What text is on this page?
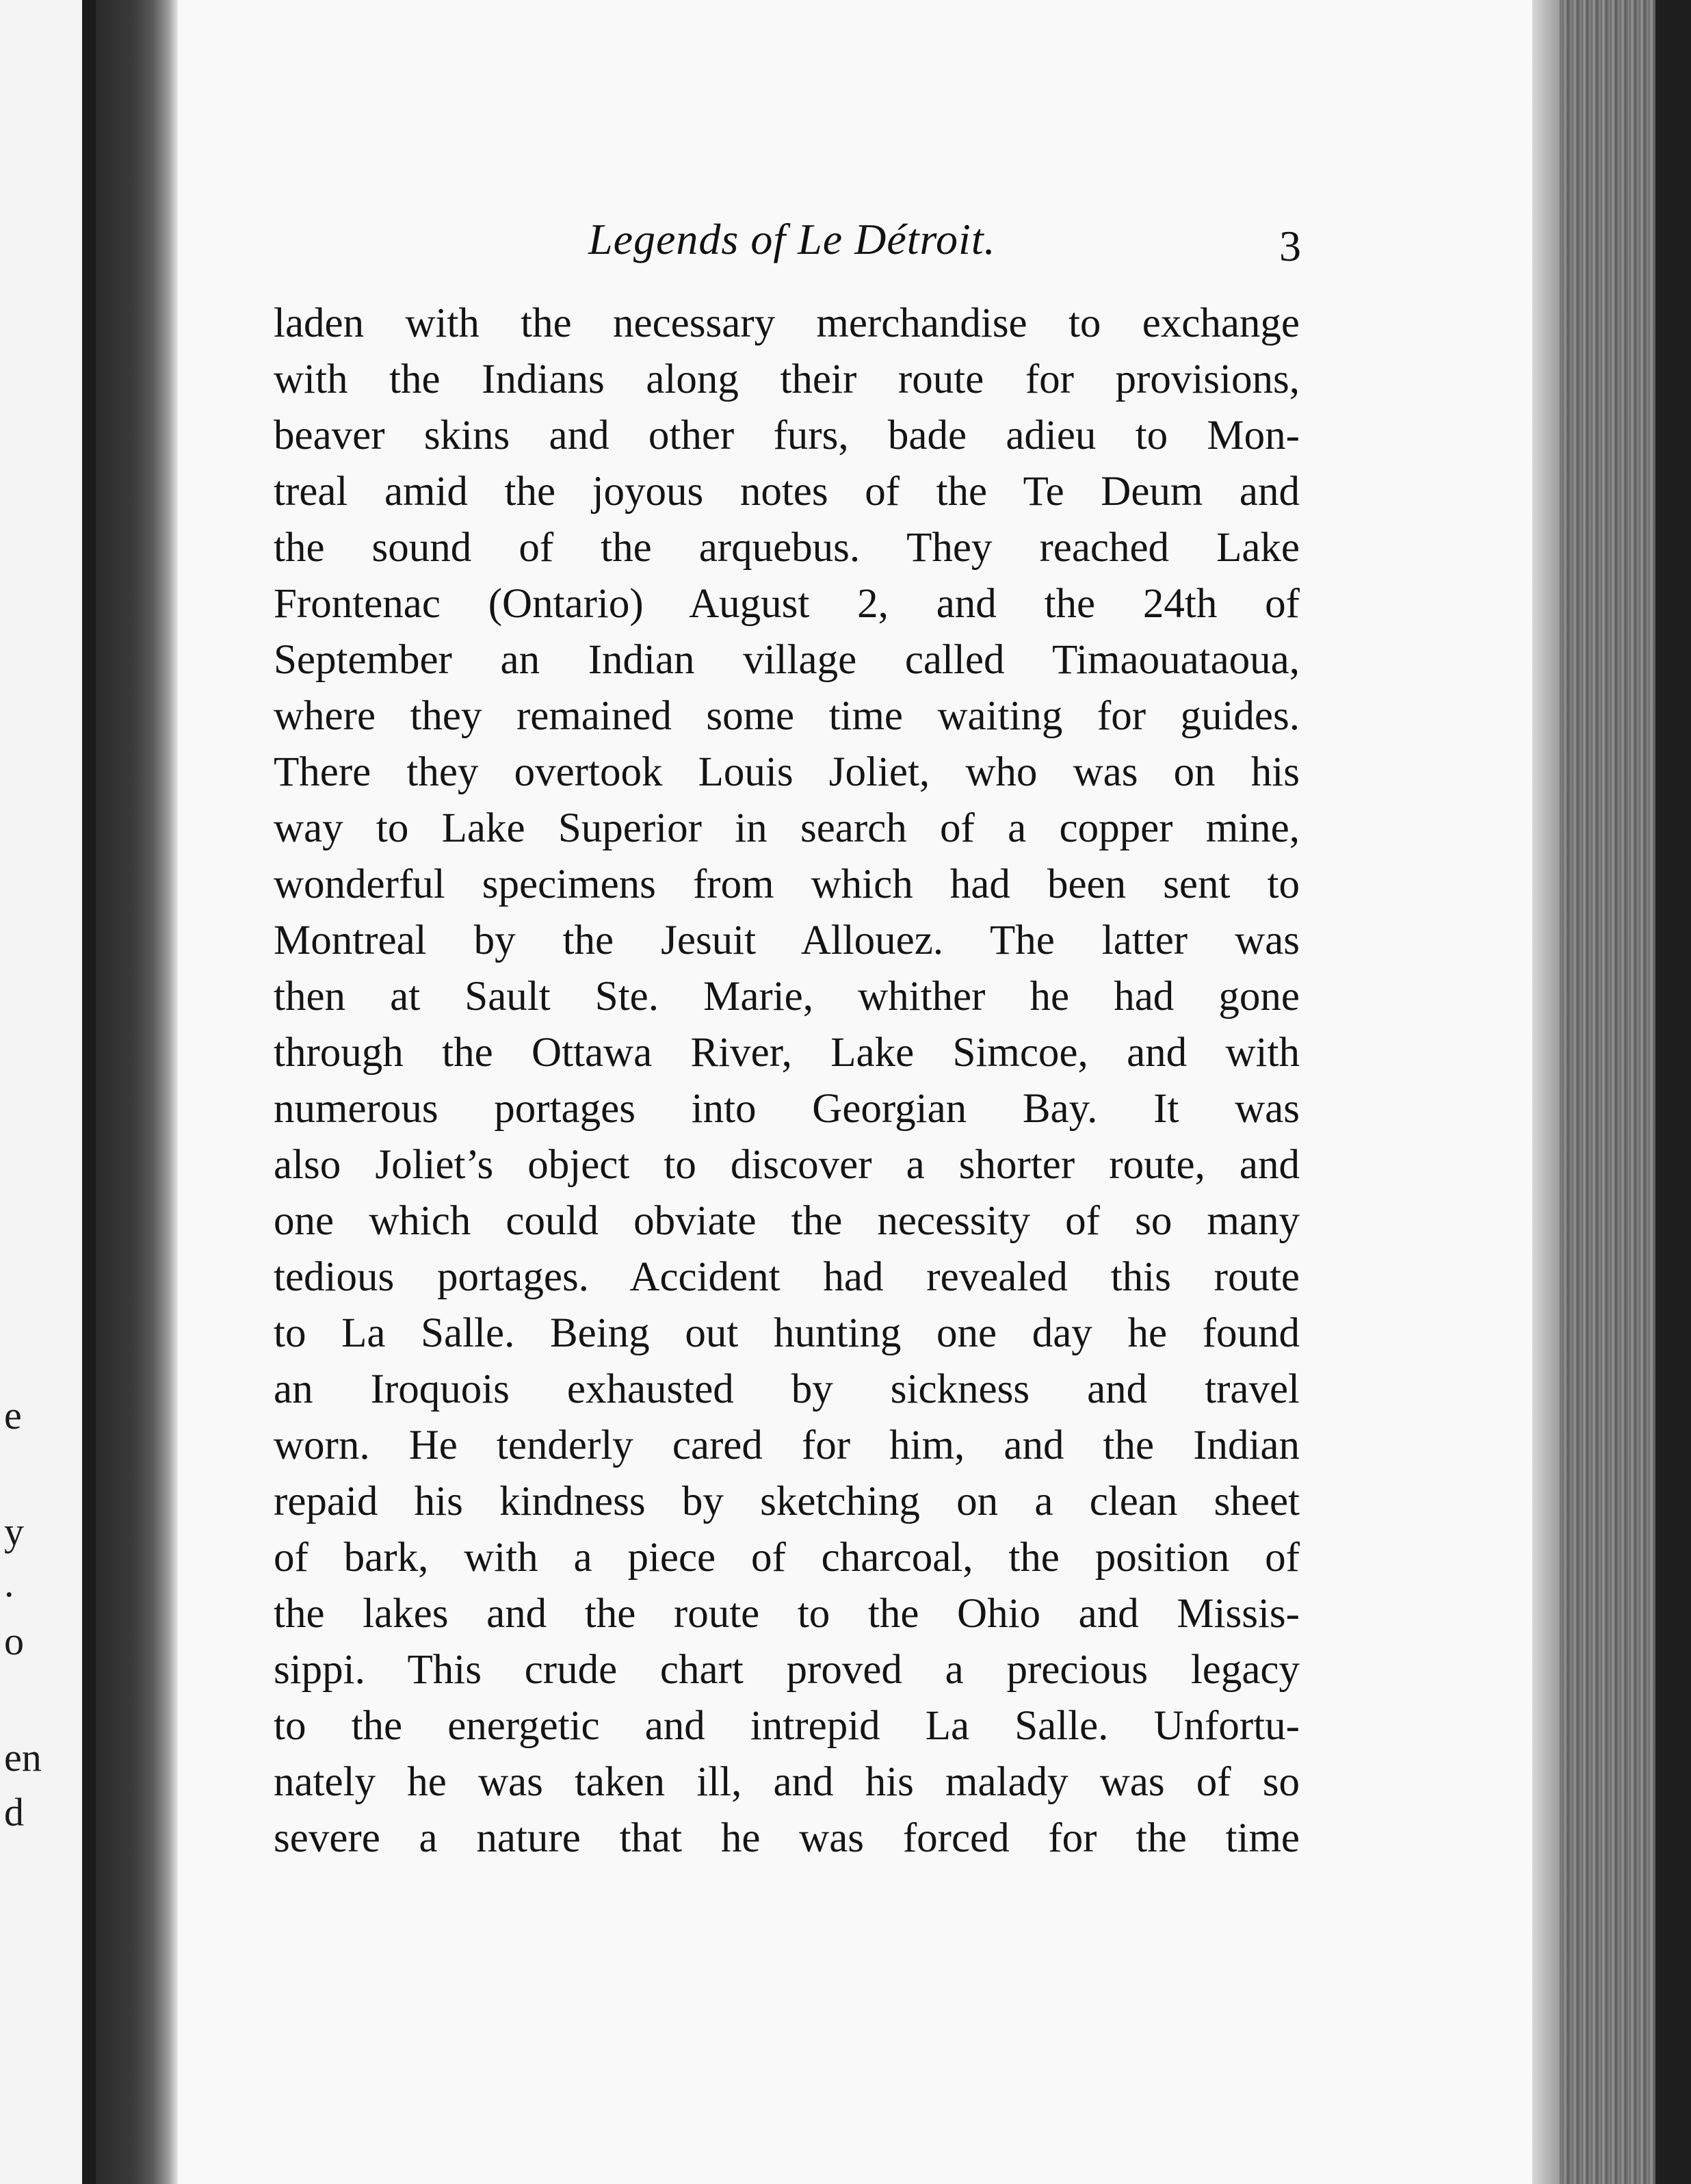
e
y
.
o
en
d
Legends of Le Détroit.	3
laden with the necessary merchandise to exchange
with the Indians along their route for provisions,
beaver skins and other furs, bade adieu to Mon-
treal amid the joyous notes of the Te Deum and
the sound of the arquebus. They reached Lake
Frontenac (Ontario) August 2, and the 24th of
September an Indian village called Timaouataoua,
where they remained some time waiting for guides.
There they overtook Louis Joliet, who was on his
way to Lake Superior in search of a copper mine,
wonderful specimens from which had been sent to
Montreal by the Jesuit Allouez. The latter was
then at Sault Ste. Marie, whither he had gone
through the Ottawa River, Lake Simcoe, and with
numerous portages into Georgian Bay. It was
also Joliet’s object to discover a shorter route, and
one which could obviate the necessity of so many
tedious portages. Accident had revealed this route
to La Salle. Being out hunting one day he found
an Iroquois exhausted by sickness and travel
worn. He tenderly cared for him, and the Indian
repaid his kindness by sketching on a clean sheet
of bark, with a piece of charcoal, the position of
the lakes and the route to the Ohio and Missis-
sippi. This crude chart proved a precious legacy
to the energetic and intrepid La Salle. Unfortu-
nately he was taken ill, and his malady was of so
severe a nature that he was forced for the time
